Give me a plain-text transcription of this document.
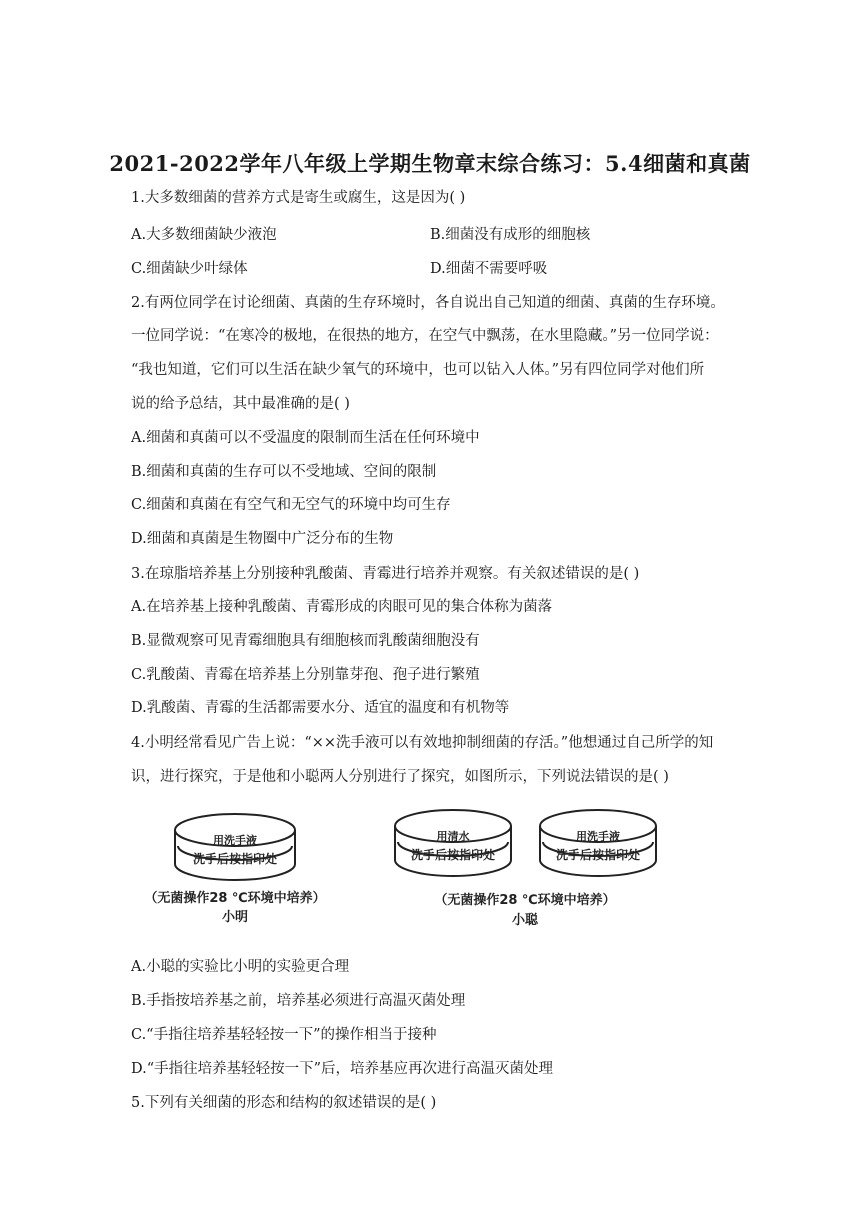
2021-2022学年八年级上学期生物章末综合练习：5.4细菌和真菌
1.大多数细菌的营养方式是寄生或腐生，这是因为( )
A.大多数细菌缺少液泡	B.细菌没有成形的细胞核
C.细菌缺少叶绿体	D.细菌不需要呼吸
2.有两位同学在讨论细菌、真菌的生存环境时，各自说出自己知道的细菌、真菌的生存环境。
一位同学说：“在寒冷的极地，在很热的地方，在空气中飘荡，在水里隐藏。”另一位同学说：
“我也知道，它们可以生活在缺少氧气的环境中，也可以钻入人体。”另有四位同学对他们所
说的给予总结，其中最准确的是( )
A.细菌和真菌可以不受温度的限制而生活在任何环境中
B.细菌和真菌的生存可以不受地域、空间的限制
C.细菌和真菌在有空气和无空气的环境中均可生存
D.细菌和真菌是生物圈中广泛分布的生物
3.在琼脂培养基上分别接种乳酸菌、青霉进行培养并观察。有关叙述错误的是( )
A.在培养基上接种乳酸菌、青霉形成的肉眼可见的集合体称为菌落
B.显微观察可见青霉细胞具有细胞核而乳酸菌细胞没有
C.乳酸菌、青霉在培养基上分别靠芽孢、孢子进行繁殖
D.乳酸菌、青霉的生活都需要水分、适宜的温度和有机物等
4.小明经常看见广告上说：“××洗手液可以有效地抑制细菌的存活。”他想通过自己所学的知
识，进行探究，于是他和小聪两人分别进行了探究，如图所示，下列说法错误的是( )
用洗手液
洗手后按指印处
用清水
洗手后按指印处
用洗手液
洗手后按指印处
（无菌操作28 ℃环境中培养）
小明
（无菌操作28 ℃环境中培养）
小聪
A.小聪的实验比小明的实验更合理
B.手指按培养基之前，培养基必须进行高温灭菌处理
C.“手指往培养基轻轻按一下”的操作相当于接种
D.“手指往培养基轻轻按一下”后，培养基应再次进行高温灭菌处理
5.下列有关细菌的形态和结构的叙述错误的是( )
